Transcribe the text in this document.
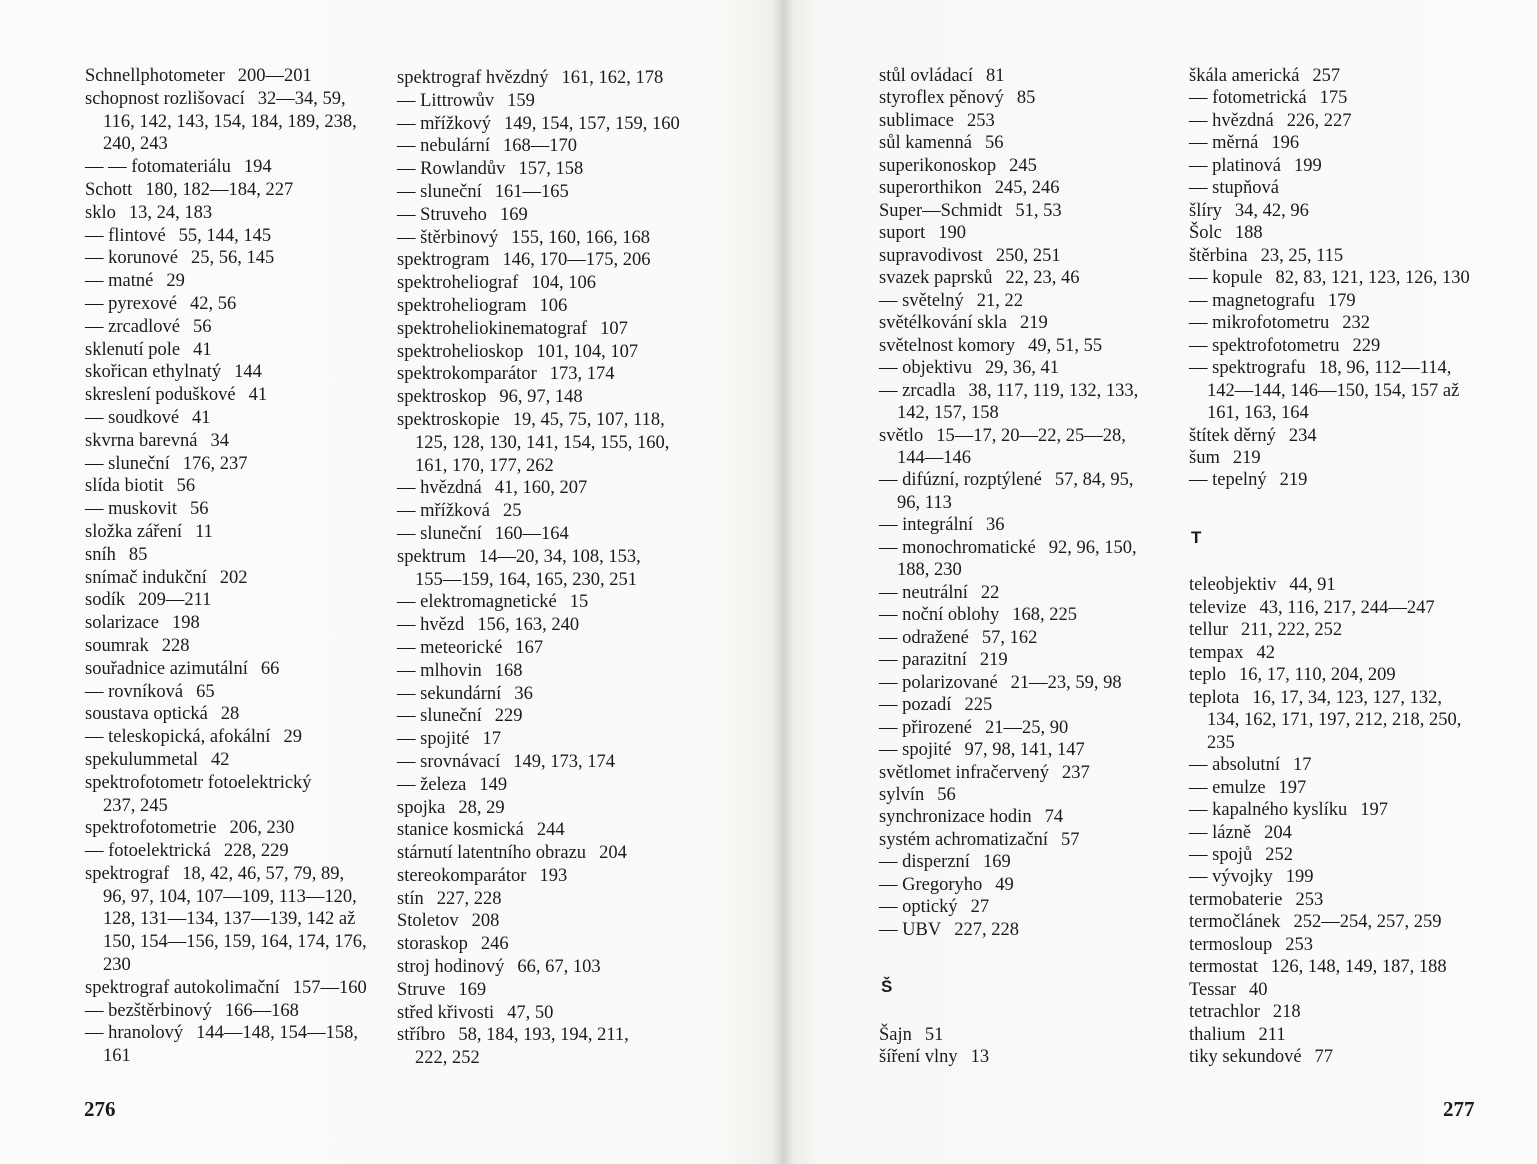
Schnellphotometer 200—201
schopnost rozlišovací 32—34, 59,
116, 142, 143, 154, 184, 189, 238,
240, 243
— — fotomateriálu 194
Schott 180, 182—184, 227
sklo 13, 24, 183
— flintové 55, 144, 145
— korunové 25, 56, 145
— matné 29
— pyrexové 42, 56
— zrcadlové 56
sklenutí pole 41
skořican ethylnatý 144
skreslení poduškové 41
— soudkové 41
skvrna barevná 34
— sluneční 176, 237
slída biotit 56
— muskovit 56
složka záření 11
sníh 85
snímač indukční 202
sodík 209—211
solarizace 198
soumrak 228
souřadnice azimutální 66
— rovníková 65
soustava optická 28
— teleskopická, afokální 29
spekulummetal 42
spektrofotometr fotoelektrický
237, 245
spektrofotometrie 206, 230
— fotoelektrická 228, 229
spektrograf 18, 42, 46, 57, 79, 89,
96, 97, 104, 107—109, 113—120,
128, 131—134, 137—139, 142 až
150, 154—156, 159, 164, 174, 176,
230
spektrograf autokolimační 157—160
— bezštěrbinový 166—168
— hranolový 144—148, 154—158,
161
spektrograf hvězdný 161, 162, 178
— Littrowův 159
— mřížkový 149, 154, 157, 159, 160
— nebulární 168—170
— Rowlandův 157, 158
— sluneční 161—165
— Struveho 169
— štěrbinový 155, 160, 166, 168
spektrogram 146, 170—175, 206
spektroheliograf 104, 106
spektroheliogram 106
spektroheliokinematograf 107
spektrohelioskop 101, 104, 107
spektrokomparátor 173, 174
spektroskop 96, 97, 148
spektroskopie 19, 45, 75, 107, 118,
125, 128, 130, 141, 154, 155, 160,
161, 170, 177, 262
— hvězdná 41, 160, 207
— mřížková 25
— sluneční 160—164
spektrum 14—20, 34, 108, 153,
155—159, 164, 165, 230, 251
— elektromagnetické 15
— hvězd 156, 163, 240
— meteorické 167
— mlhovin 168
— sekundární 36
— sluneční 229
— spojité 17
— srovnávací 149, 173, 174
— železa 149
spojka 28, 29
stanice kosmická 244
stárnutí latentního obrazu 204
stereokomparátor 193
stín 227, 228
Stoletov 208
storaskop 246
stroj hodinový 66, 67, 103
Struve 169
střed křivosti 47, 50
stříbro 58, 184, 193, 194, 211,
222, 252
276
stůl ovládací 81
styroflex pěnový 85
sublimace 253
sůl kamenná 56
superikonoskop 245
superorthikon 245, 246
Super—Schmidt 51, 53
suport 190
supravodivost 250, 251
svazek paprsků 22, 23, 46
— světelný 21, 22
světélkování skla 219
světelnost komory 49, 51, 55
— objektivu 29, 36, 41
— zrcadla 38, 117, 119, 132, 133,
142, 157, 158
světlo 15—17, 20—22, 25—28,
144—146
— difúzní, rozptýlené 57, 84, 95,
96, 113
— integrální 36
— monochromatické 92, 96, 150,
188, 230
— neutrální 22
— noční oblohy 168, 225
— odražené 57, 162
— parazitní 219
— polarizované 21—23, 59, 98
— pozadí 225
— přirozené 21—25, 90
— spojité 97, 98, 141, 147
světlomet infračervený 237
sylvín 56
synchronizace hodin 74
systém achromatizační 57
— disperzní 169
— Gregoryho 49
— optický 27
— UBV 227, 228
Š
Šajn 51
šíření vlny 13
škála americká 257
— fotometrická 175
— hvězdná 226, 227
— měrná 196
— platinová 199
— stupňová
šlíry 34, 42, 96
Šolc 188
štěrbina 23, 25, 115
— kopule 82, 83, 121, 123, 126, 130
— magnetografu 179
— mikrofotometru 232
— spektrofotometru 229
— spektrografu 18, 96, 112—114,
142—144, 146—150, 154, 157 až
161, 163, 164
štítek děrný 234
šum 219
— tepelný 219
T
teleobjektiv 44, 91
televize 43, 116, 217, 244—247
tellur 211, 222, 252
tempax 42
teplo 16, 17, 110, 204, 209
teplota 16, 17, 34, 123, 127, 132,
134, 162, 171, 197, 212, 218, 250,
235
— absolutní 17
— emulze 197
— kapalného kyslíku 197
— lázně 204
— spojů 252
— vývojky 199
termobaterie 253
termočlánek 252—254, 257, 259
termosloup 253
termostat 126, 148, 149, 187, 188
Tessar 40
tetrachlor 218
thalium 211
tiky sekundové 77
277
